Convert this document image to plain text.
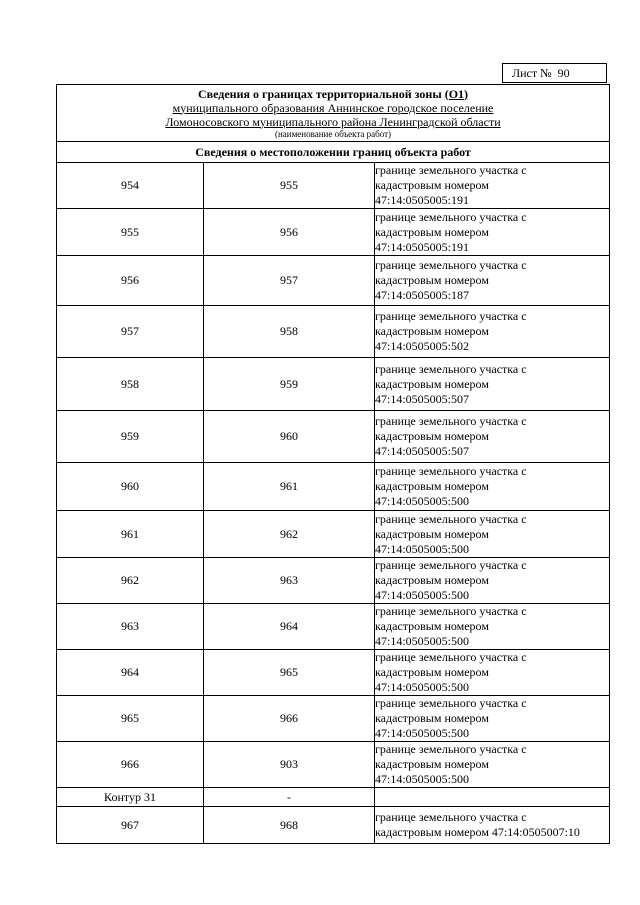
Лист № 90
Сведения о границах территориальной зоны (О1)
муниципального образования Аннинское городское поселение
Ломоносовского муниципального района Ленинградской области
(наименование объекта работ)		

Сведения о местоположении границ объекта работ		
954	955	границе земельного участка с
кадастровым номером
47:14:0505005:191

955	956	границе земельного участка с
кадастровым номером
47:14:0505005:191

956	957	границе земельного участка с
кадастровым номером
47:14:0505005:187

957	958	границе земельного участка с
кадастровым номером
47:14:0505005:502

958	959	границе земельного участка с
кадастровым номером
47:14:0505005:507

959	960	границе земельного участка с
кадастровым номером
47:14:0505005:507

960	961	границе земельного участка с
кадастровым номером
47:14:0505005:500

961	962	границе земельного участка с
кадастровым номером
47:14:0505005:500

962	963	границе земельного участка с
кадастровым номером
47:14:0505005:500

963	964	границе земельного участка с
кадастровым номером
47:14:0505005:500

964	965	границе земельного участка с
кадастровым номером
47:14:0505005:500

965	966	границе земельного участка с
кадастровым номером
47:14:0505005:500

966	903	границе земельного участка с
кадастровым номером
47:14:0505005:500

Контур 31	-	
967	968	границе земельного участка с
кадастровым номером 47:14:0505007:10
